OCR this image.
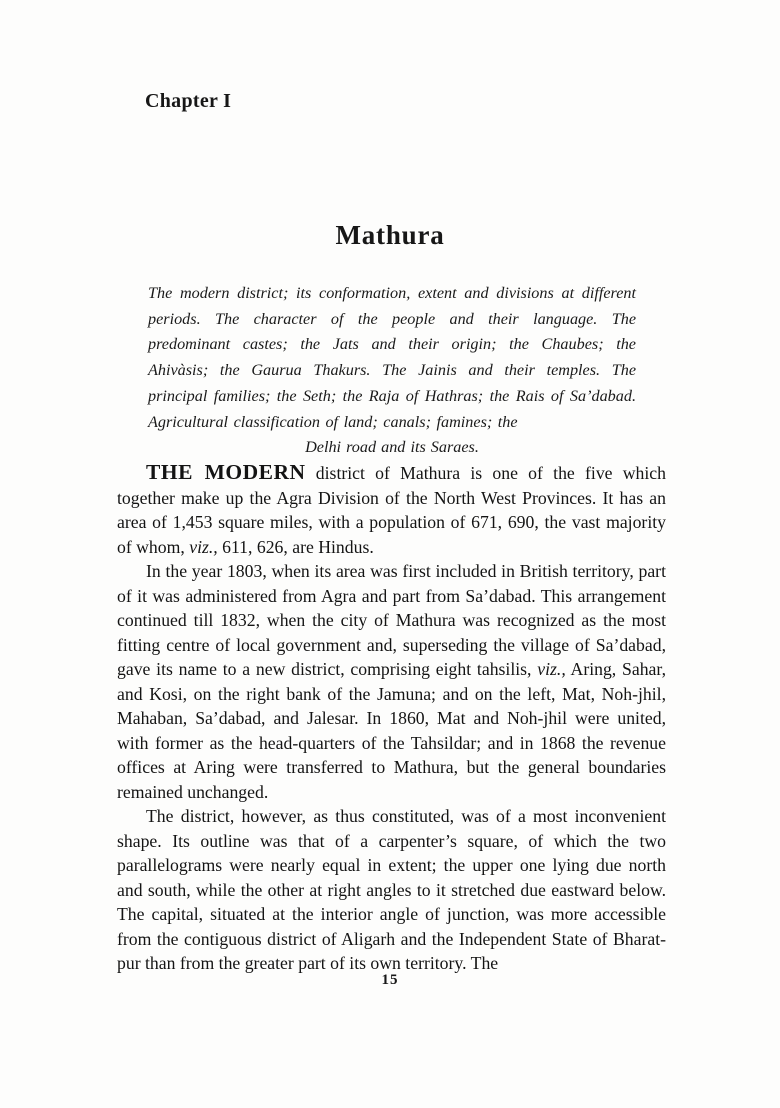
Chapter I
Mathura
The modern district; its conformation, extent and divisions at different periods. The character of the people and their language. The predominant castes; the Jats and their origin; the Chaubes; the Ahivàsis; the Gaurua Thakurs. The Jainis and their temples. The principal families; the Seth; the Raja of Hathras; the Rais of Sa’dabad. Agricultural classification of land; canals; famines; the
Delhi road and its Saraes.

THE MODERN district of Mathura is one of the five which together make up the Agra Division of the North West Provinces. It has an area of 1,453 square miles, with a population of 671, 690, the vast majority of whom, viz., 611, 626, are Hindus.

In the year 1803, when its area was first included in British territory, part of it was administered from Agra and part from Sa’dabad. This arrangement continued till 1832, when the city of Mathura was recognized as the most fitting centre of local government and, superseding the village of Sa’dabad, gave its name to a new district, comprising eight tahsilis, viz., Aring, Sahar, and Kosi, on the right bank of the Jamuna; and on the left, Mat, Noh-jhil, Mahaban, Sa’dabad, and Jalesar. In 1860, Mat and Noh-jhil were united, with former as the head-quarters of the Tahsildar; and in 1868 the revenue offices at Aring were transferred to Mathura, but the general boundaries remained unchanged.

The district, however, as thus constituted, was of a most inconvenient shape. Its outline was that of a carpenter’s square, of which the two parallelograms were nearly equal in extent; the upper one lying due north and south, while the other at right angles to it stretched due eastward below. The capital, situated at the interior angle of junction, was more accessible from the contiguous district of Aligarh and the Independent State of Bharat-pur than from the greater part of its own territory. The

15
